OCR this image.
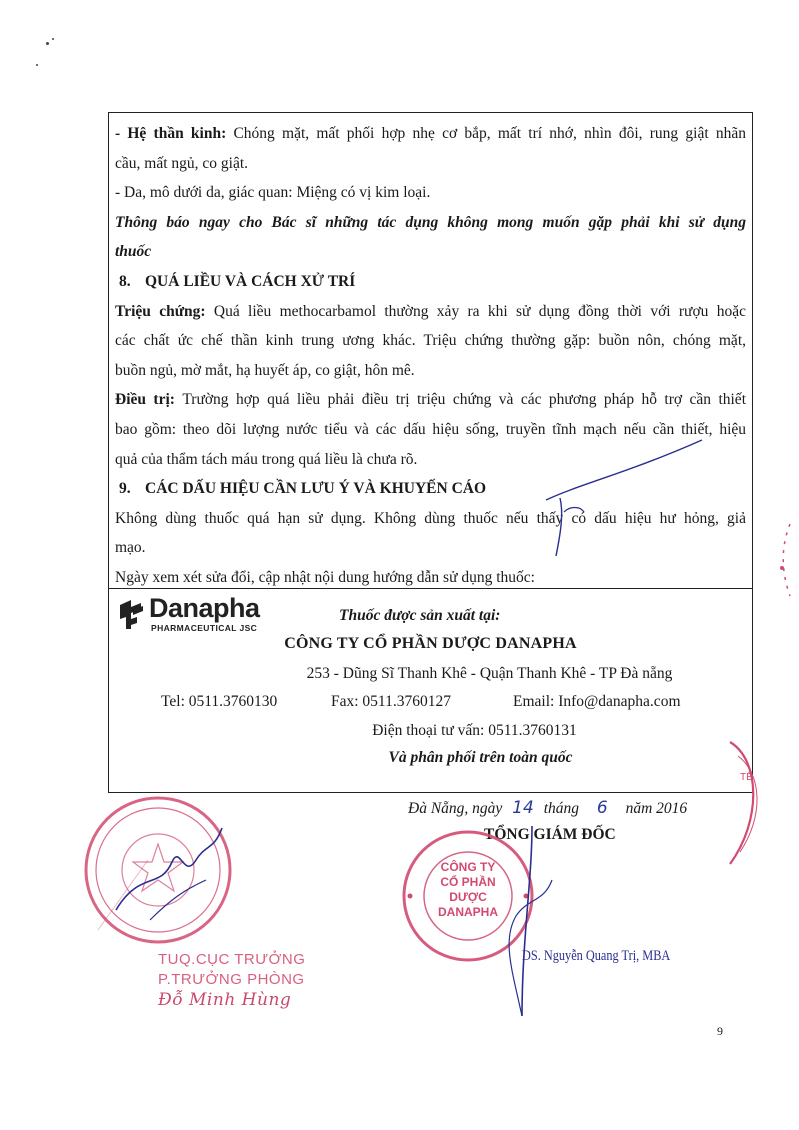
- Hệ thần kinh: Chóng mặt, mất phối hợp nhẹ cơ bắp, mất trí nhớ, nhìn đôi, rung giật nhãn
cầu, mất ngủ, co giật.
- Da, mô dưới da, giác quan: Miệng có vị kim loại.
Thông báo ngay cho Bác sĩ những tác dụng không mong muốn gặp phải khi sử dụng
thuốc
8. QUÁ LIỀU VÀ CÁCH XỬ TRÍ
Triệu chứng: Quá liều methocarbamol thường xảy ra khi sử dụng đồng thời với rượu hoặc
các chất ức chế thần kinh trung ương khác. Triệu chứng thường gặp: buồn nôn, chóng mặt,
buồn ngủ, mờ mắt, hạ huyết áp, co giật, hôn mê.
Điều trị: Trường hợp quá liều phải điều trị triệu chứng và các phương pháp hỗ trợ cần thiết
bao gồm: theo dõi lượng nước tiểu và các dấu hiệu sống, truyền tĩnh mạch nếu cần thiết, hiệu
quả của thẩm tách máu trong quá liều là chưa rõ.
9. CÁC DẤU HIỆU CẦN LƯU Ý VÀ KHUYẾN CÁO
Không dùng thuốc quá hạn sử dụng. Không dùng thuốc nếu thấy có dấu hiệu hư hỏng, giả
mạo.
Ngày xem xét sửa đổi, cập nhật nội dung hướng dẫn sử dụng thuốc:
Danapha
PHARMACEUTICAL JSC
Thuốc được sản xuất tại:
CÔNG TY CỔ PHẦN DƯỢC DANAPHA
253 - Dũng Sĩ Thanh Khê - Quận Thanh Khê - TP Đà nẵng
Tel: 0511.3760130	Fax: 0511.3760127	Email: Info@danapha.com
Điện thoại tư vấn: 0511.3760131
Và phân phối trên toàn quốc
TẾ
Đà Nẵng, ngày 14 tháng 6 năm 2016
TỔNG GIÁM ĐỐC
TUQ.CỤC TRƯỞNG
P.TRƯỞNG PHÒNG
Đỗ Minh Hùng
CÔNG TY
CỔ PHẦN
DƯỢC
DANAPHA
DS. Nguyễn Quang Trị, MBA
9
